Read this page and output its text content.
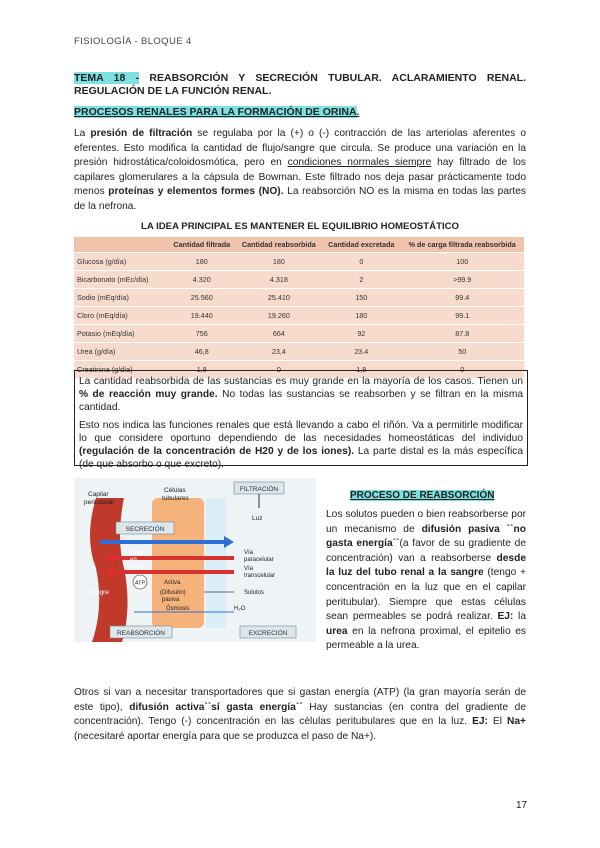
FISIOLOGÍA - BLOQUE 4
TEMA 18 - REABSORCIÓN Y SECRECIÓN TUBULAR. ACLARAMIENTO RENAL. REGULACIÓN DE LA FUNCIÓN RENAL.
PROCESOS RENALES PARA LA FORMACIÓN DE ORINA.
La presión de filtración se regulaba por la (+) o (-) contracción de las arteriolas aferentes o eferentes. Esto modifica la cantidad de flujo/sangre que circula. Se produce una variación en la presión hidrostática/coloidosmótica, pero en condiciones normales siempre hay filtrado de los capilares glomerulares a la cápsula de Bowman. Este filtrado nos deja pasar prácticamente todo menos proteínas y elementos formes (NO). La reabsorción NO es la misma en todas las partes de la nefrona.
LA IDEA PRINCIPAL ES MANTENER EL EQUILIBRIO HOMEOSTÁTICO
	Cantidad filtrada	Cantidad reabsorbida	Cantidad excretada	% de carga filtrada reabsorbida
Glucosa (g/día)	180	180	0	100
Bicarbonato (mEc/día)	4.320	4.318	2	>99.9
Sodio (mEq/día)	25.560	25.410	150	99.4
Cloro (mEq/día)	19.440	19.260	180	99.1
Potasio (mEq/día)	756	664	92	87.8
Urea (g/día)	46,8	23,4	23.4	50
Creatinina (g/día)	1,8	0	1,8	0

La cantidad reabsorbida de las sustancias es muy grande en la mayoría de los casos. Tienen un % de reacción muy grande. No todas las sustancias se reabsorben y se filtran en la misma cantidad.

Esto nos indica las funciones renales que está llevando a cabo el riñón. Va a permitirle modificar lo que considere oportuno dependiendo de las necesidades homeostáticas del individuo (regulación de la concentración de H20 y de los iones). La parte distal es la más específica (de que absorbo o que excreto).

FILTRACIÓN
Capilar
peritubular
Células
tubulares
Luz
SECRECIÓN
Vía
paracelular
Vía
transcelular
Flujo
en
masa
ATP	Activa
(Difusión)
pasiva
Solutos
Sangre
Ósmosis	H₂O
REABSORCIÓN	EXCRECIÓN
PROCESO DE REABSORCIÓN
Los solutos pueden o bien reabsorberse por un mecanismo de difusión pasiva ``no gasta energía´´(a favor de su gradiente de concentración) van a reabsorberse desde la luz del tubo renal a la sangre (tengo + concentración en la luz que en el capilar peritubular). Siempre que estas células sean permeables se podrá realizar. EJ: la urea en la nefrona proximal, el epitelio es permeable a la urea.
Otros si van a necesitar transportadores que si gastan energía (ATP) (la gran mayoría serán de este tipo), difusión activa``sí gasta energía´´ Hay sustancias (en contra del gradiente de concentración). Tengo (-) concentración en las células peritubulares que en la luz. EJ: El Na+ (necesitaré aportar energía para que se produzca el paso de Na+).
17
